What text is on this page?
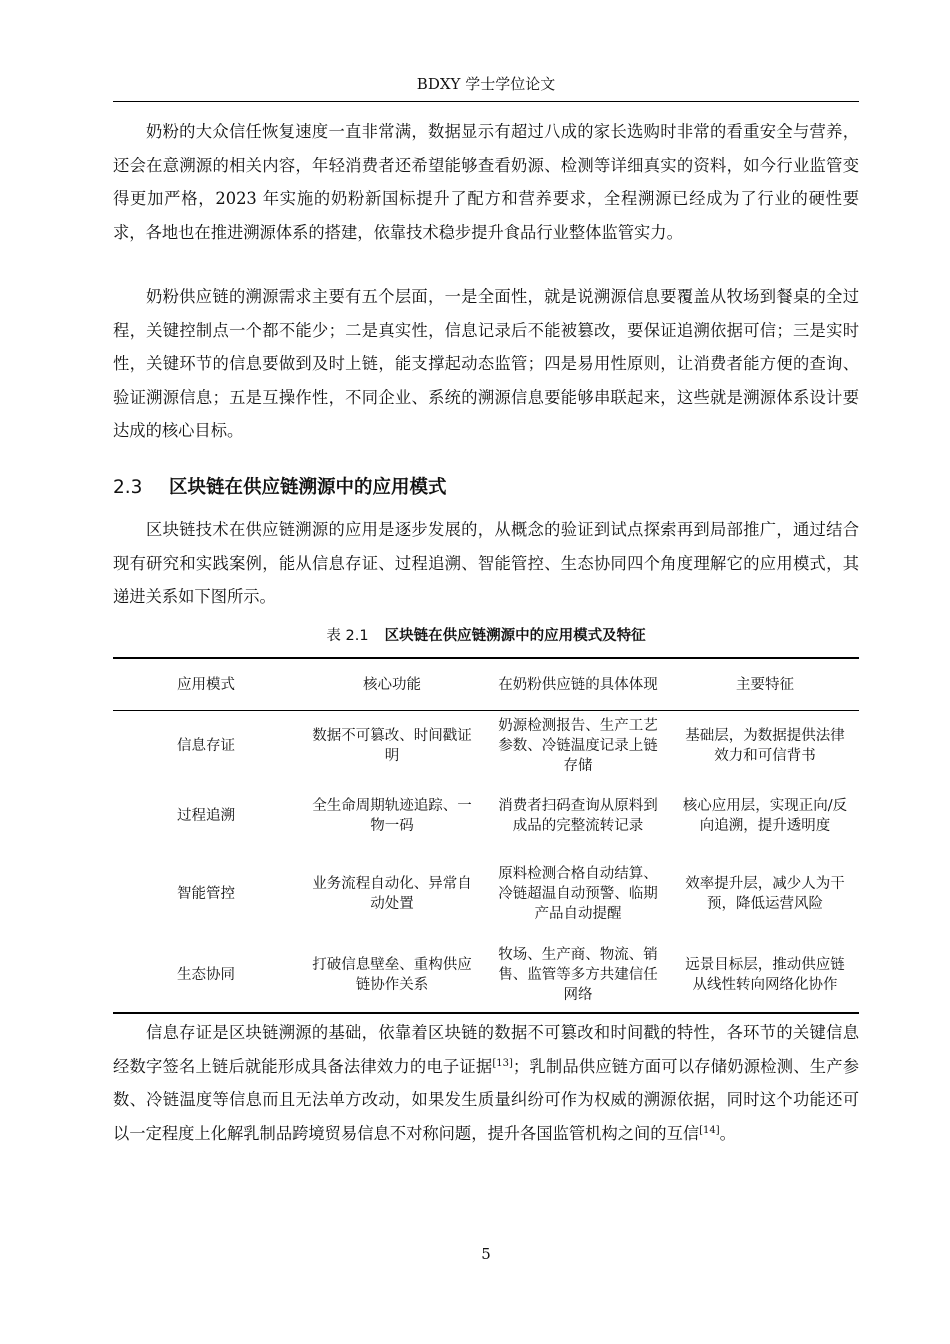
BDXY 学士学位论文

奶粉的大众信任恢复速度一直非常满，数据显示有超过八成的家长选购时非常的看重安全与营养，还会在意溯源的相关内容，年轻消费者还希望能够查看奶源、检测等详细真实的资料，如今行业监管变得更加严格，2023 年实施的奶粉新国标提升了配方和营养要求，全程溯源已经成为了行业的硬性要求，各地也在推进溯源体系的搭建，依靠技术稳步提升食品行业整体监管实力。

奶粉供应链的溯源需求主要有五个层面，一是全面性，就是说溯源信息要覆盖从牧场到餐桌的全过程，关键控制点一个都不能少；二是真实性，信息记录后不能被篡改，要保证追溯依据可信；三是实时性，关键环节的信息要做到及时上链，能支撑起动态监管；四是易用性原则，让消费者能方便的查询、验证溯源信息；五是互操作性，不同企业、系统的溯源信息要能够串联起来，这些就是溯源体系设计要达成的核心目标。

2.3 区块链在供应链溯源中的应用模式

区块链技术在供应链溯源的应用是逐步发展的，从概念的验证到试点探索再到局部推广，通过结合现有研究和实践案例，能从信息存证、过程追溯、智能管控、生态协同四个角度理解它的应用模式，其递进关系如下图所示。

表 2.1 区块链在供应链溯源中的应用模式及特征
应用模式	核心功能	在奶粉供应链的具体体现	主要特征
信息存证	数据不可篡改、时间戳证明	奶源检测报告、生产工艺参数、冷链温度记录上链存储	基础层，为数据提供法律效力和可信背书
过程追溯	全生命周期轨迹追踪、一物一码	消费者扫码查询从原料到成品的完整流转记录	核心应用层，实现正向/反向追溯，提升透明度
智能管控	业务流程自动化、异常自动处置	原料检测合格自动结算、冷链超温自动预警、临期产品自动提醒	效率提升层，减少人为干预，降低运营风险
生态协同	打破信息壁垒、重构供应链协作关系	牧场、生产商、物流、销售、监管等多方共建信任网络	远景目标层，推动供应链从线性转向网络化协作

信息存证是区块链溯源的基础，依靠着区块链的数据不可篡改和时间戳的特性，各环节的关键信息经数字签名上链后就能形成具备法律效力的电子证据[13]；乳制品供应链方面可以存储奶源检测、生产参数、冷链温度等信息而且无法单方改动，如果发生质量纠纷可作为权威的溯源依据，同时这个功能还可以一定程度上化解乳制品跨境贸易信息不对称问题，提升各国监管机构之间的互信[14]。

5
